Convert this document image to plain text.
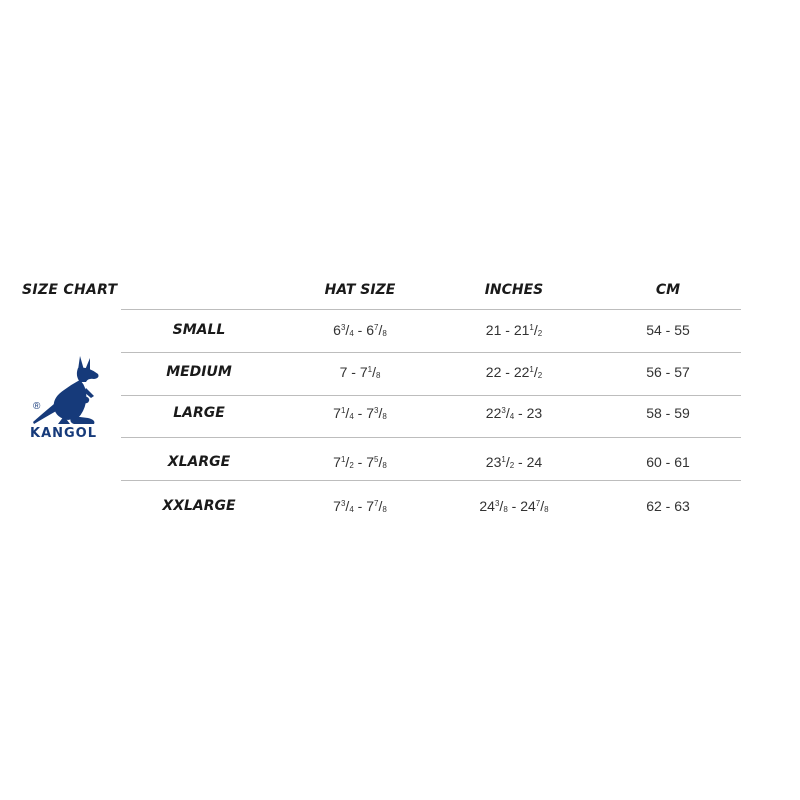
SIZE CHART	HAT SIZE	INCHES	CM
®
KANGOL
SMALL	$6^3/_4 - 6^7/_8$	$21 - 21^1/_2$	54 - 55
MEDIUM	$7 - 7^1/_8$	$22 - 22^1/_2$	56 - 57
LARGE	$7^1/_4 - 7^3/_8$	$22^3/_4 - 23$	58 - 59
XLARGE	$7^1/_2 - 7^5/_8$	$23^1/_2 - 24$	60 - 61
XXLARGE	$7^3/_4 - 7^7/_8$	$24^3/_8 - 24^7/_8$	62 - 63
